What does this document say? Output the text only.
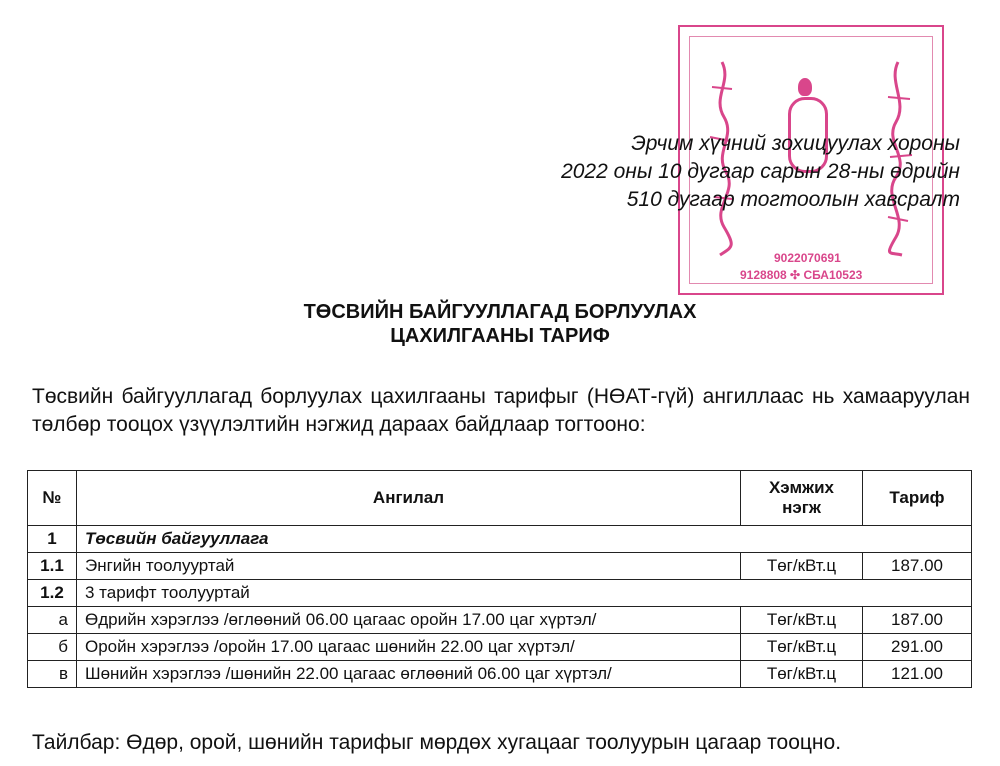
9022070691
9128808 ✣ СБА10523
Эрчим хүчний зохицуулах хороны
2022 оны 10 дугаар сарын 28-ны өдрийн
510 дугаар тогтоолын хавсралт
ТӨСВИЙН БАЙГУУЛЛАГАД БОРЛУУЛАХ
ЦАХИЛГААНЫ ТАРИФ
Төсвийн байгууллагад борлуулах цахилгааны тарифыг (НӨАТ-гүй) ангиллаас нь хамааруулан төлбөр тооцох үзүүлэлтийн нэгжид дараах байдлаар тогтооно:
№	Ангилал	Хэмжих нэгж	Тариф
1	Төсвийн байгууллага		
1.1	Энгийн тоолууртай	Төг/кВт.ц	187.00
1.2	3 тарифт тоолууртай		
а	Өдрийн хэрэглээ /өглөөний 06.00 цагаас оройн 17.00 цаг хүртэл/	Төг/кВт.ц	187.00
б	Оройн хэрэглээ /оройн 17.00 цагаас шөнийн 22.00 цаг хүртэл/	Төг/кВт.ц	291.00
в	Шөнийн хэрэглээ /шөнийн 22.00 цагаас өглөөний 06.00 цаг хүртэл/	Төг/кВт.ц	121.00
Тайлбар: Өдөр, орой, шөнийн тарифыг мөрдөх хугацааг тоолуурын цагаар тооцно.
